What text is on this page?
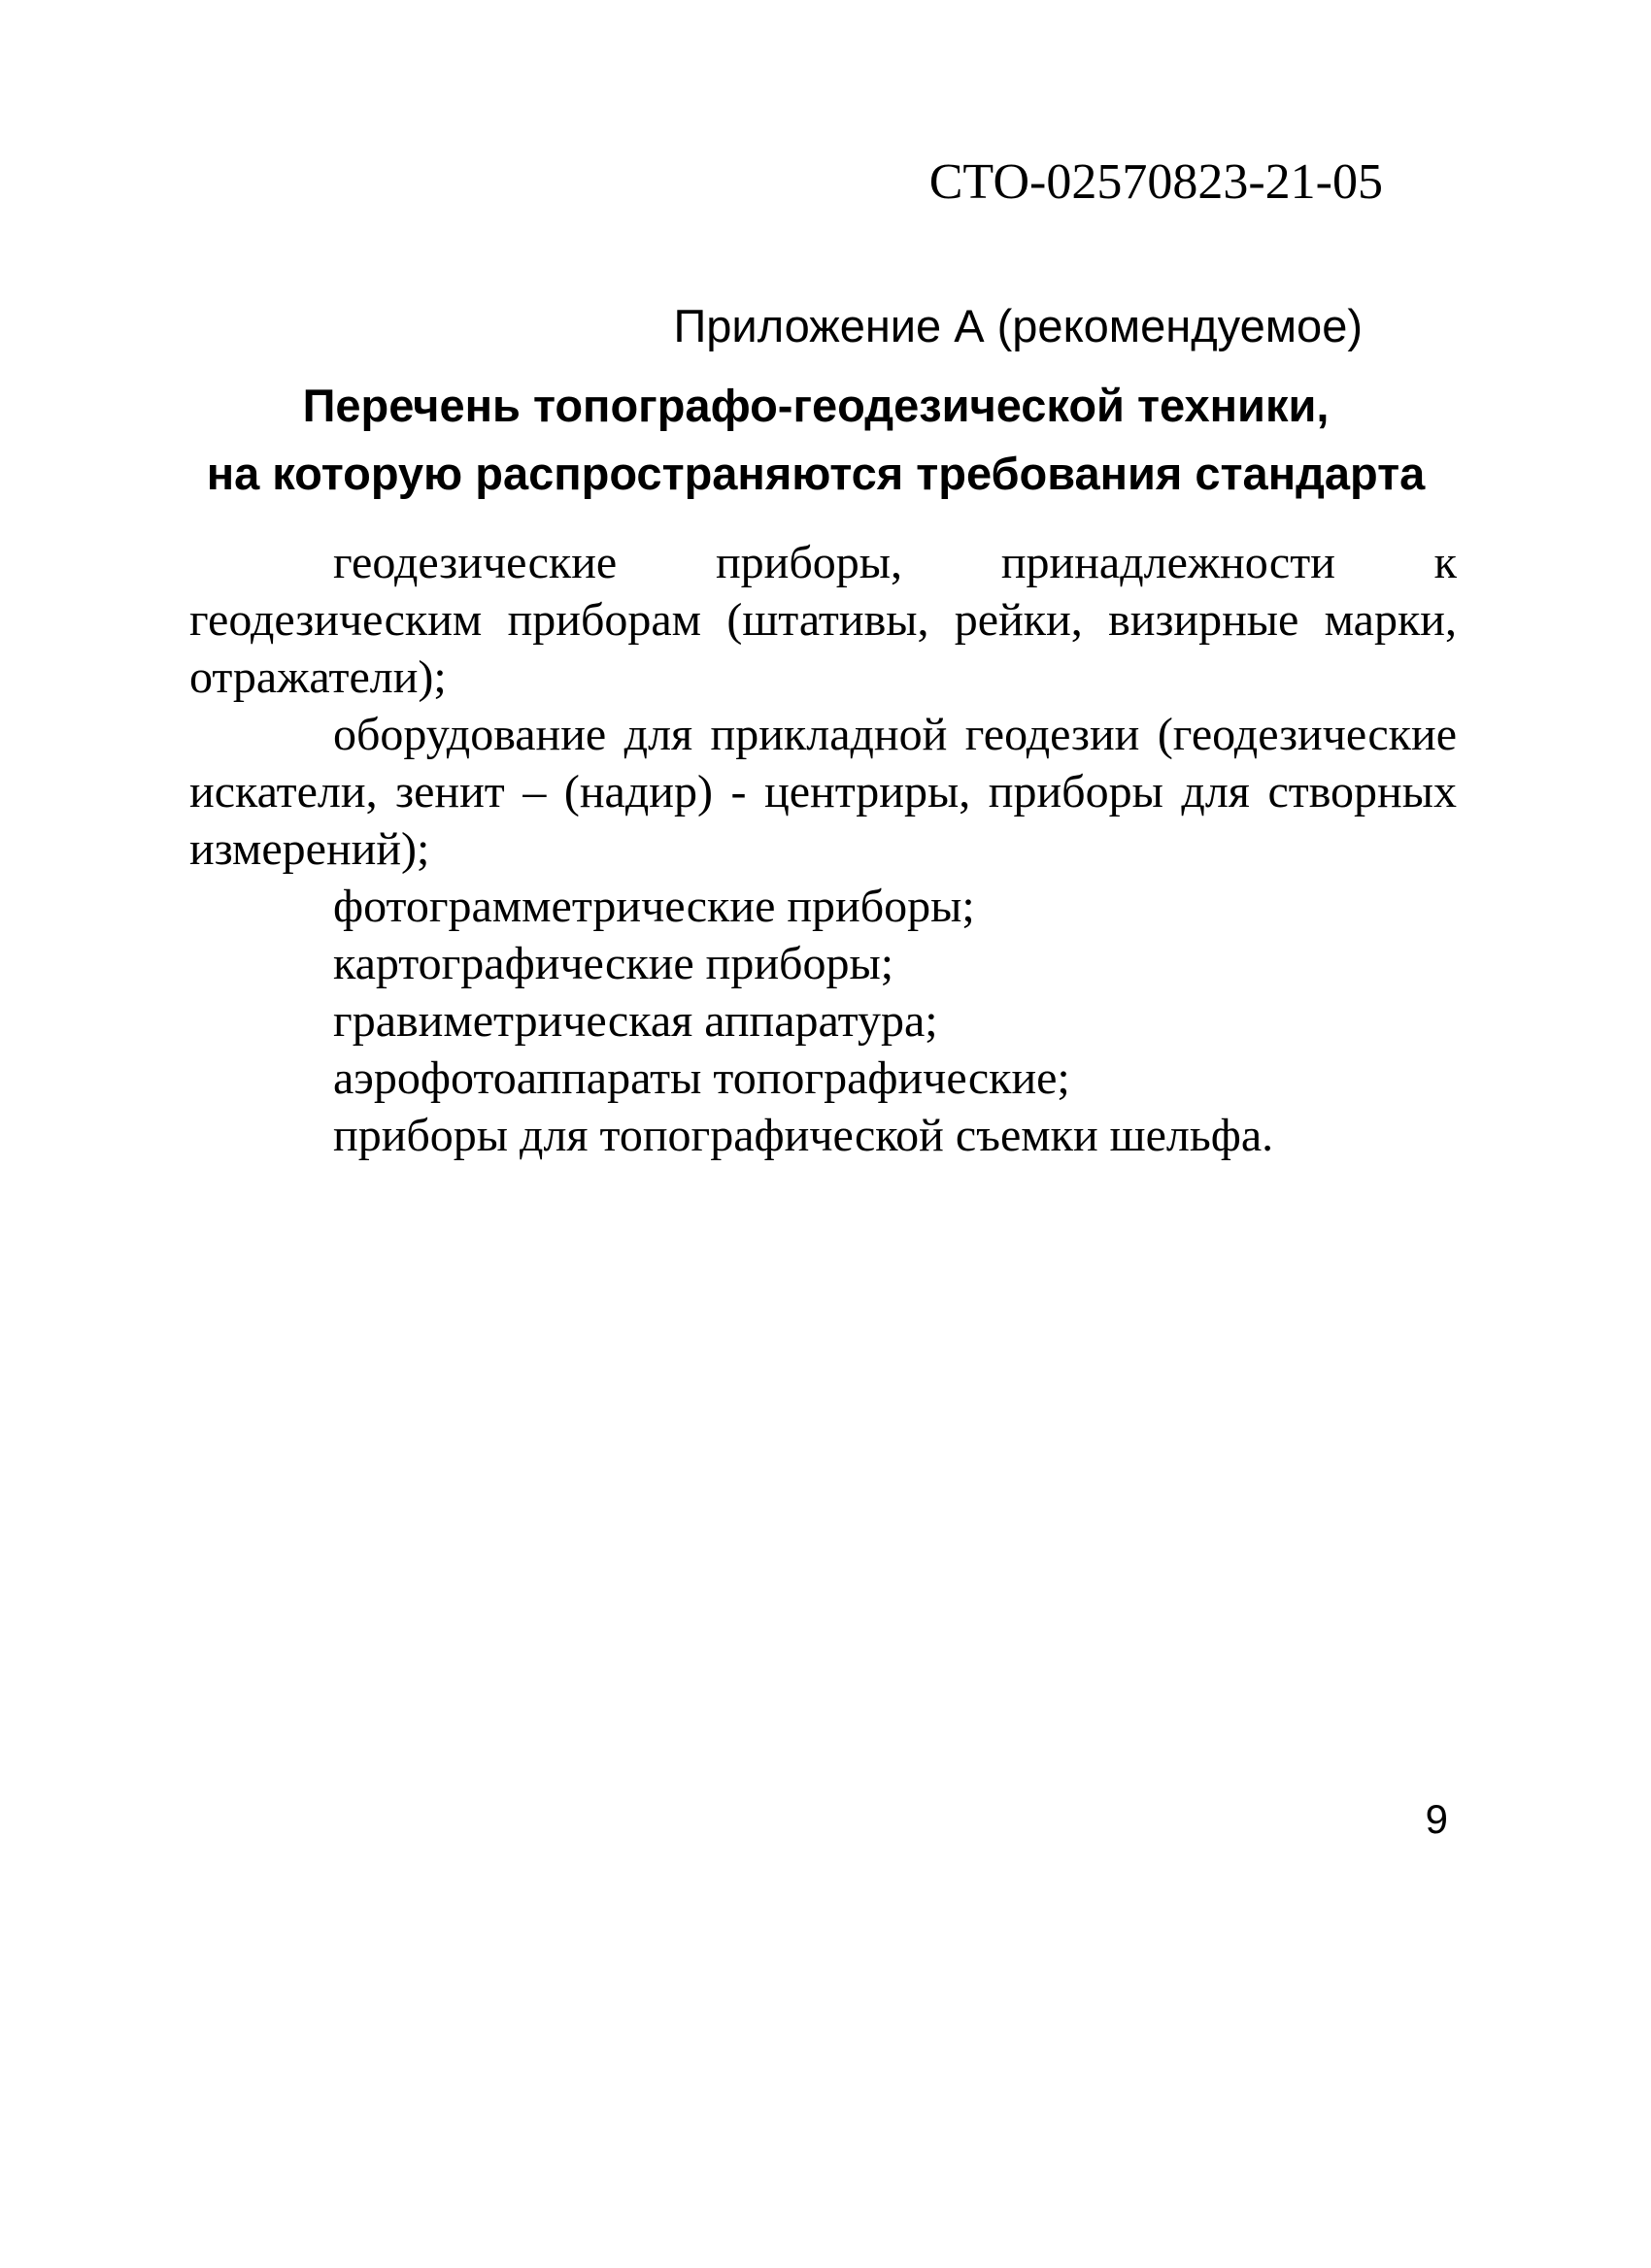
СТО-02570823-21-05
Приложение А (рекомендуемое)
Перечень топографо-геодезической техники,
на которую распространяются требования стандарта

геодезические приборы, принадлежности к геодезическим приборам (штативы, рейки, визирные марки, отражатели);

оборудование для прикладной геодезии (геодезические искатели, зенит – (надир) - центриры, приборы для створных измерений);

фотограмметрические приборы;

картографические приборы;

гравиметрическая аппаратура;

аэрофотоаппараты топографические;

приборы для топографической съемки шельфа.

9
